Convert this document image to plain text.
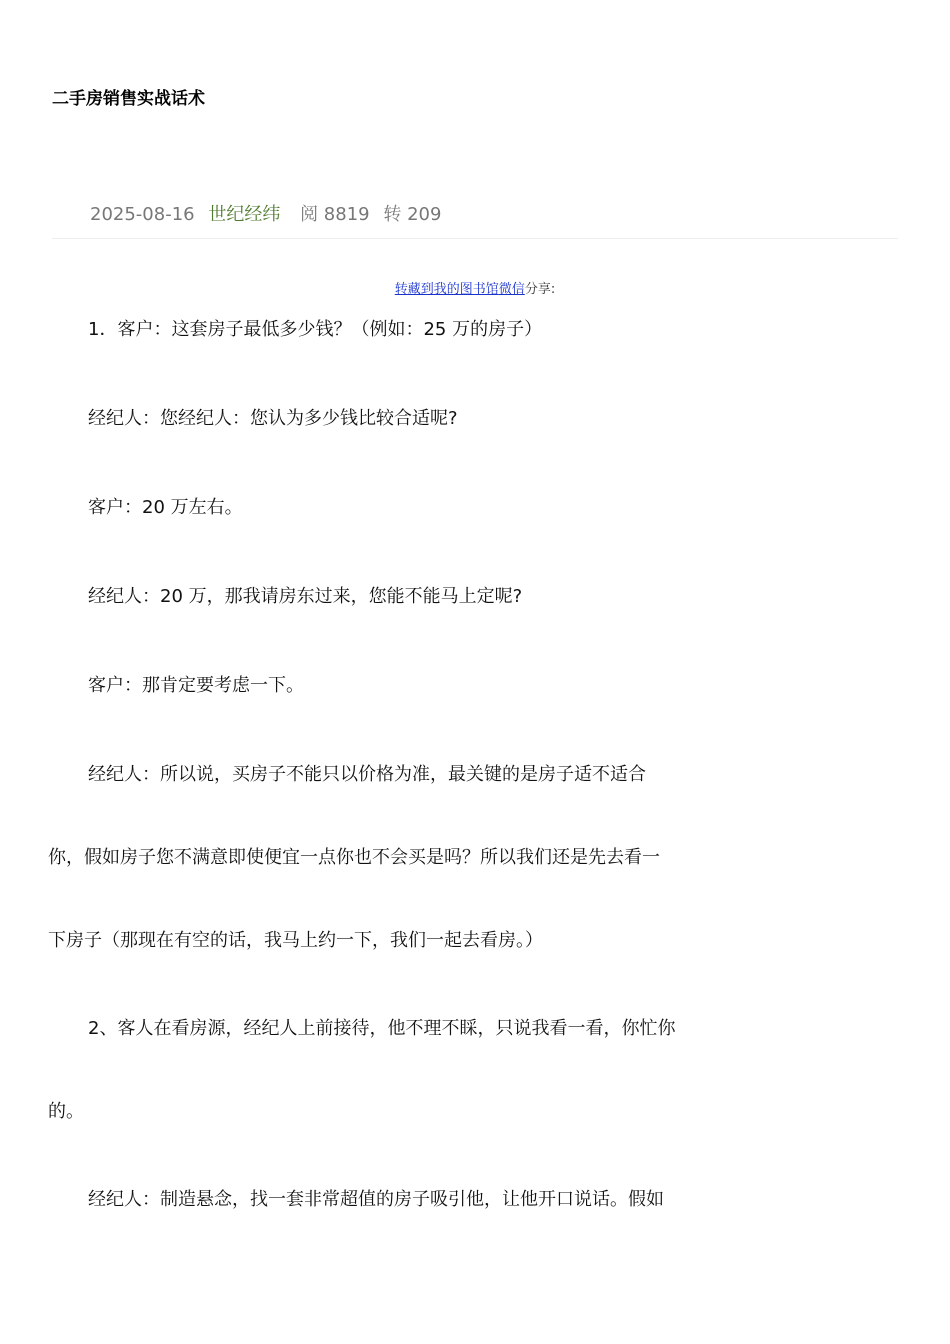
二手房销售实战话术
2025-08-16 世纪经纬 阅 8819 转 209
转藏到我的图书馆微信分享:
1．客户：这套房子最低多少钱？（例如：25 万的房子）
经纪人：您经纪人：您认为多少钱比较合适呢?
客户：20 万左右。
经纪人：20 万，那我请房东过来，您能不能马上定呢?
客户：那肯定要考虑一下。
经纪人：所以说，买房子不能只以价格为准，最关键的是房子适不适合
你，假如房子您不满意即使便宜一点你也不会买是吗？所以我们还是先去看一
下房子（那现在有空的话，我马上约一下，我们一起去看房。）
2、客人在看房源，经纪人上前接待，他不理不睬，只说我看一看，你忙你
的。
经纪人：制造悬念，找一套非常超值的房子吸引他，让他开口说话。假如
